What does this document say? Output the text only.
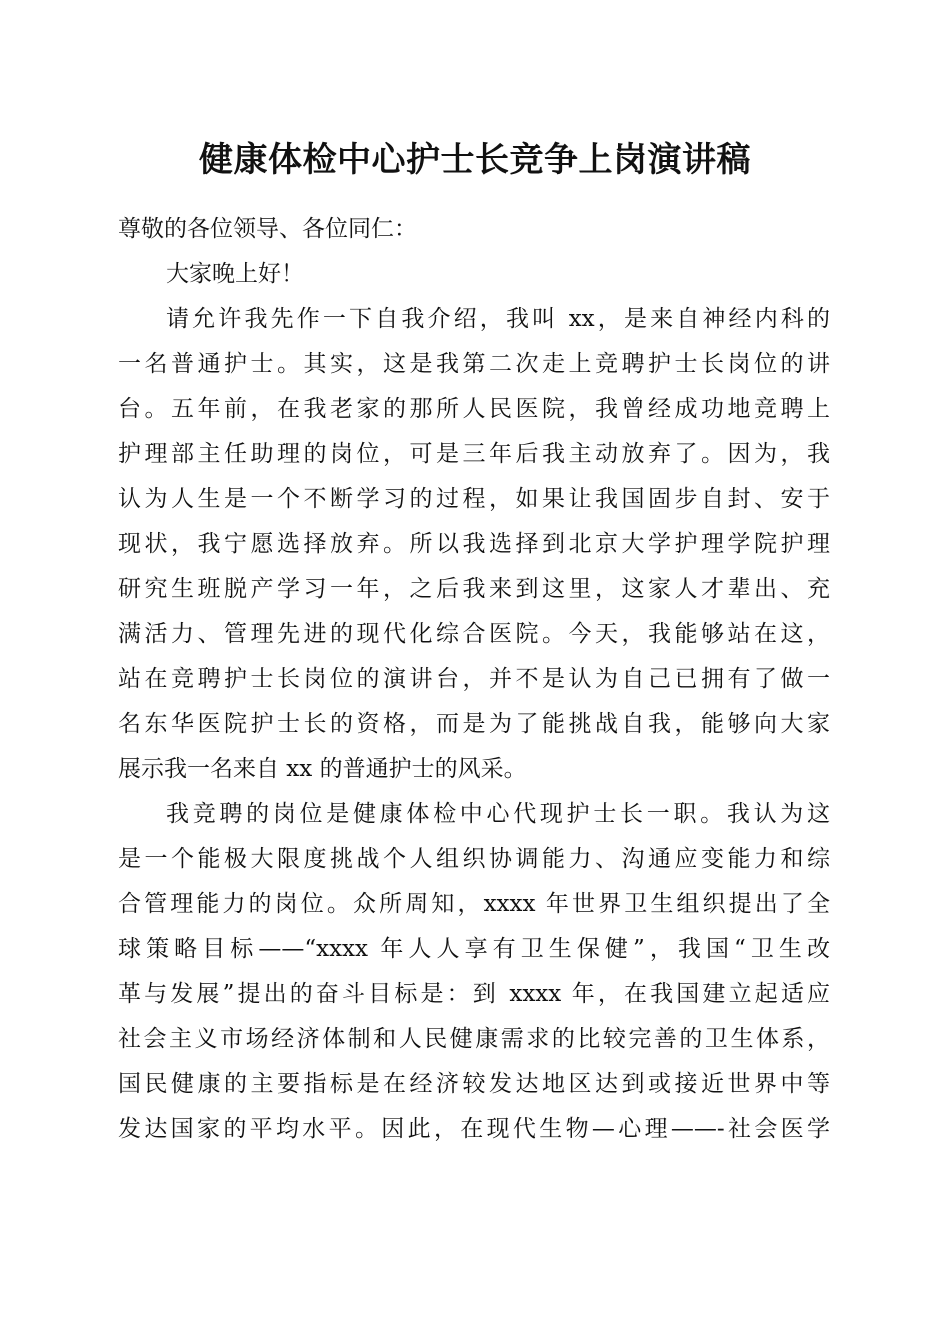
健康体检中心护士长竞争上岗演讲稿
尊敬的各位领导、各位同仁：
大家晚上好！
请允许我先作一下自我介绍，我叫 xx，是来自神经内科的
一名普通护士。其实，这是我第二次走上竞聘护士长岗位的讲
台。五年前，在我老家的那所人民医院，我曾经成功地竞聘上
护理部主任助理的岗位，可是三年后我主动放弃了。因为，我
认为人生是一个不断学习的过程，如果让我国固步自封、安于
现状，我宁愿选择放弃。所以我选择到北京大学护理学院护理
研究生班脱产学习一年，之后我来到这里，这家人才辈出、充
满活力、管理先进的现代化综合医院。今天，我能够站在这，
站在竞聘护士长岗位的演讲台，并不是认为自己已拥有了做一
名东华医院护士长的资格，而是为了能挑战自我，能够向大家
展示我一名来自 xx 的普通护士的风采。
我竞聘的岗位是健康体检中心代现护士长一职。我认为这
是一个能极大限度挑战个人组织协调能力、沟通应变能力和综
合管理能力的岗位。众所周知，xxxx 年世界卫生组织提出了全
球策略目标——“xxxx 年人人享有卫生保健”，我国“卫生改
革与发展”提出的奋斗目标是：到 xxxx 年，在我国建立起适应
社会主义市场经济体制和人民健康需求的比较完善的卫生体系，
国民健康的主要指标是在经济较发达地区达到或接近世界中等
发达国家的平均水平。因此，在现代生物—心理——-社会医学
